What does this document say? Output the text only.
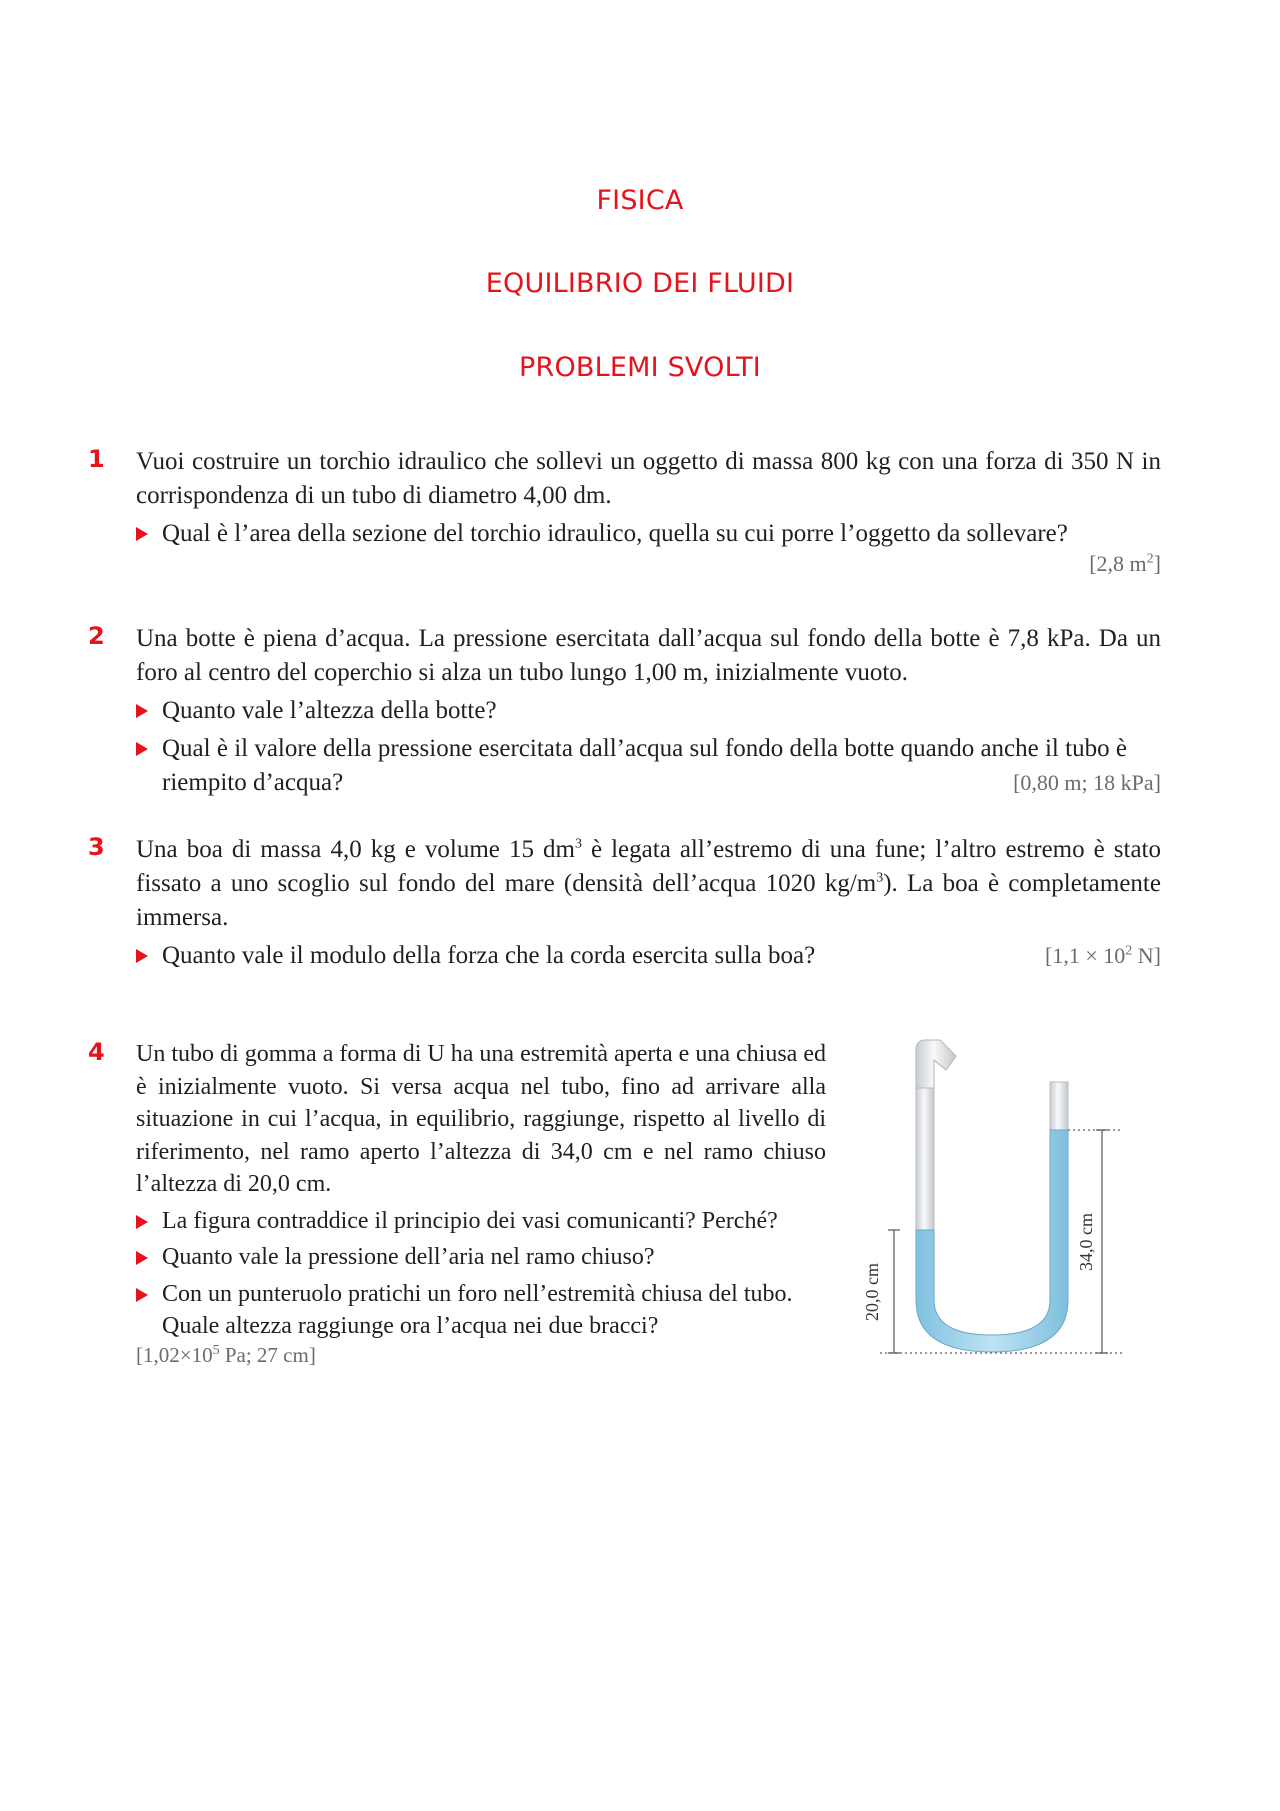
FISICA
EQUILIBRIO DEI FLUIDI
PROBLEMI SVOLTI
1 Vuoi costruire un torchio idraulico che sollevi un oggetto di massa 800 kg con una forza di 350 N in corrispondenza di un tubo di diametro 4,00 dm.

Qual è l’area della sezione del torchio idraulico, quella su cui porre l’oggetto da sollevare?
[2,8 $m^2$]
2 Una botte è piena d’acqua. La pressione esercitata dall’acqua sul fondo della botte è 7,8 kPa. Da un foro al centro del coperchio si alza un tubo lungo 1,00 m, inizialmente vuoto.

Quanto vale l’altezza della botte?
Qual è il valore della pressione esercitata dall’acqua sul fondo della botte quando anche il tubo è riempito d’acqua?	[0,80 m; 18 kPa]
3 Una boa di massa 4,0 kg e volume 15 $dm^3$ è legata all’estremo di una fune; l’altro estremo è stato fissato a uno scoglio sul fondo del mare (densità dell’acqua 1020 $kg/m^3$). La boa è completamente immersa.

Quanto vale il modulo della forza che la corda esercita sulla boa?	[$1,1 \times 10^2$ N]
4 Un tubo di gomma a forma di U ha una estremità aperta e una chiusa ed è inizialmente vuoto. Si versa acqua nel tubo, fino ad arrivare alla situazione in cui l’acqua, in equilibrio, raggiunge, rispetto al livello di riferimento, nel ramo aperto l’altezza di 34,0 cm e nel ramo chiuso l’altezza di 20,0 cm.

La figura contraddice il principio dei vasi comunicanti? Perché?
Quanto vale la pressione dell’aria nel ramo chiuso?
Con un punteruolo pratichi un foro nell’estremità chiusa del tubo. Quale altezza raggiunge ora l’acqua nei due bracci?
[$1,02\times 10^5$ Pa; 27 cm]
20,0 cm
34,0 cm
